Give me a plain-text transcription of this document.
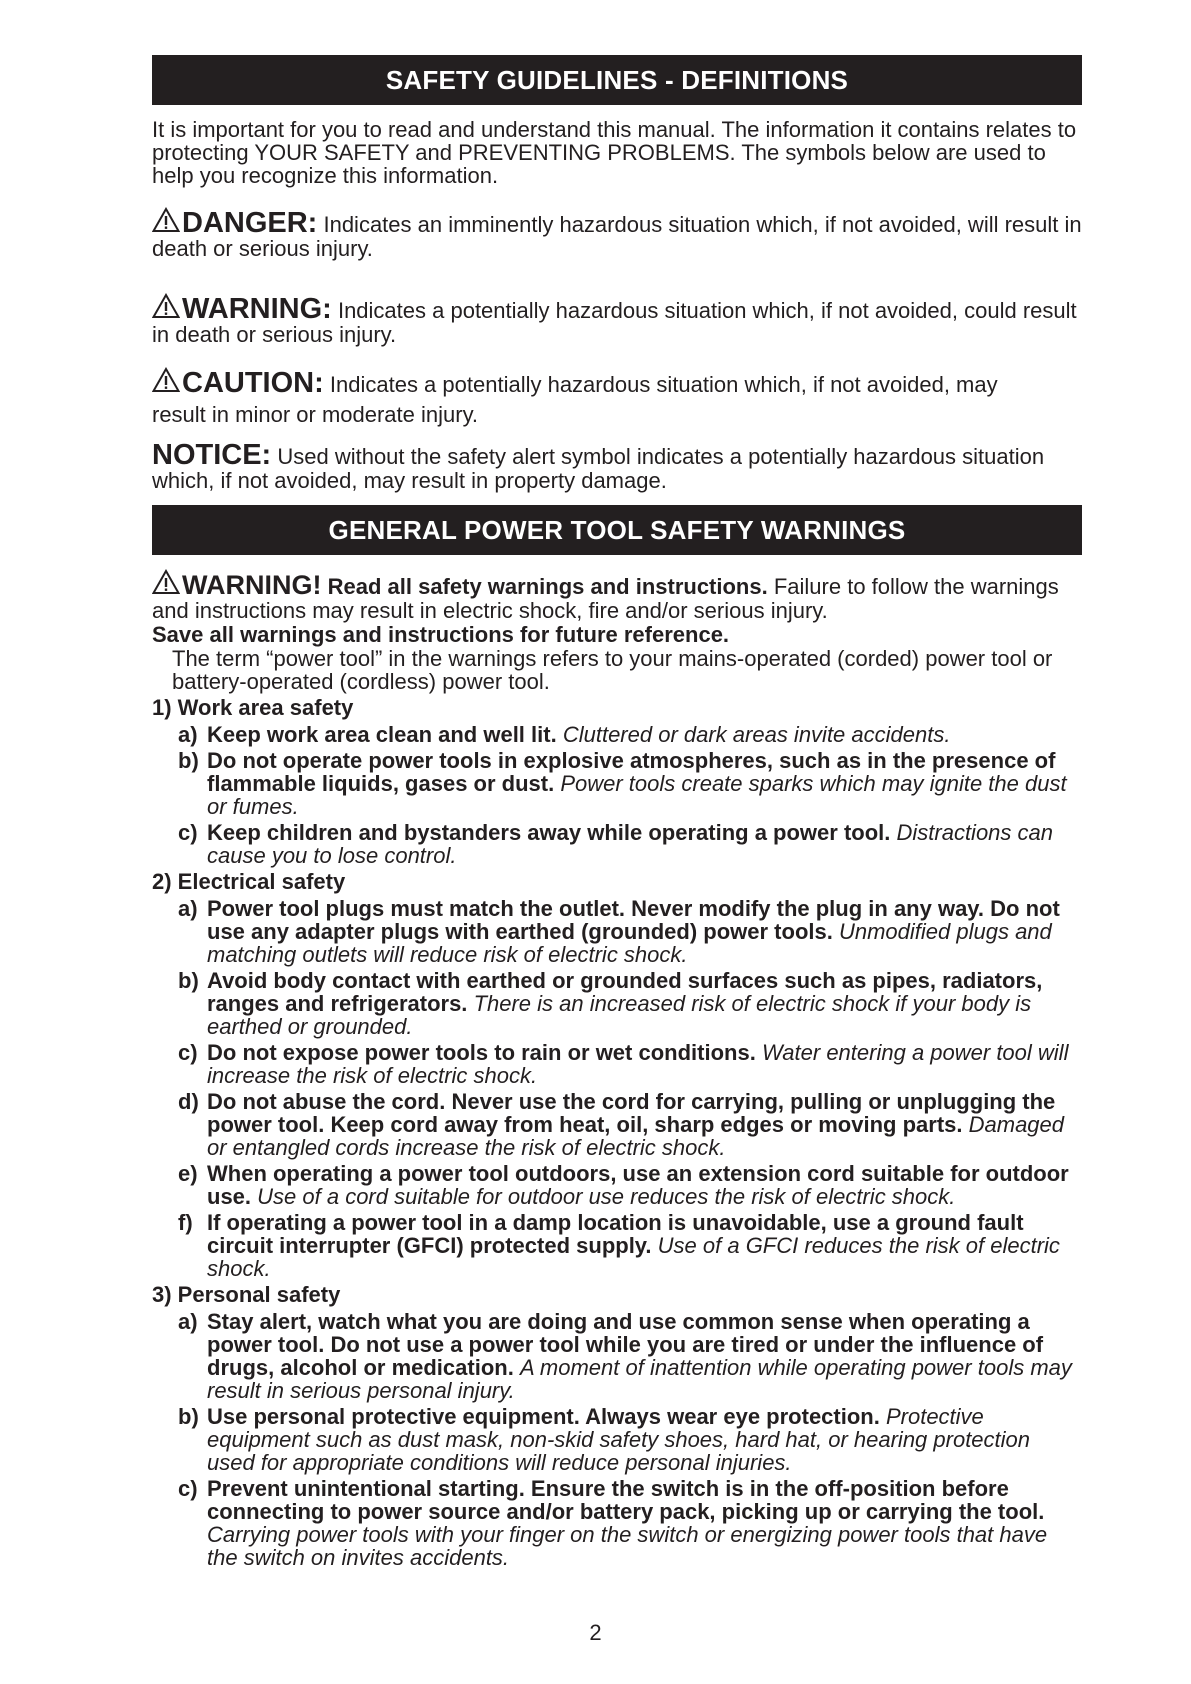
SAFETY GUIDELINES - DEFINITIONS

It is important for you to read and understand this manual. The information it contains relates to protecting YOUR SAFETY and PREVENTING PROBLEMS. The symbols below are used to help you recognize this information.

DANGER: Indicates an imminently hazardous situation which, if not avoided, will result in death or serious injury.

WARNING: Indicates a potentially hazardous situation which, if not avoided, could result in death or serious injury.

CAUTION: Indicates a potentially hazardous situation which, if not avoided, may
result in minor or moderate injury.

NOTICE: Used without the safety alert symbol indicates a potentially hazardous situation which, if not avoided, may result in property damage.

GENERAL POWER TOOL SAFETY WARNINGS

WARNING! Read all safety warnings and instructions. Failure to follow the warnings and instructions may result in electric shock, fire and/or serious injury.

Save all warnings and instructions for future reference.

The term “power tool” in the warnings refers to your mains-operated (corded) power tool or battery-operated (cordless) power tool.

1) Work area safety
a) Keep work area clean and well lit. Cluttered or dark areas invite accidents.
b) Do not operate power tools in explosive atmospheres, such as in the presence of flammable liquids, gases or dust. Power tools create sparks which may ignite the dust or fumes.
c) Keep children and bystanders away while operating a power tool. Distractions can cause you to lose control.
2) Electrical safety
a) Power tool plugs must match the outlet. Never modify the plug in any way. Do not use any adapter plugs with earthed (grounded) power tools. Unmodified plugs and matching outlets will reduce risk of electric shock.
b) Avoid body contact with earthed or grounded surfaces such as pipes, radiators, ranges and refrigerators. There is an increased risk of electric shock if your body is earthed or grounded.
c) Do not expose power tools to rain or wet conditions. Water entering a power tool will increase the risk of electric shock.
d) Do not abuse the cord. Never use the cord for carrying, pulling or unplugging the power tool. Keep cord away from heat, oil, sharp edges or moving parts. Damaged or entangled cords increase the risk of electric shock.
e) When operating a power tool outdoors, use an extension cord suitable for outdoor use. Use of a cord suitable for outdoor use reduces the risk of electric shock.
f) If operating a power tool in a damp location is unavoidable, use a ground fault circuit interrupter (GFCI) protected supply. Use of a GFCI reduces the risk of electric shock.
3) Personal safety
a) Stay alert, watch what you are doing and use common sense when operating a power tool. Do not use a power tool while you are tired or under the influence of drugs, alcohol or medication. A moment of inattention while operating power tools may result in serious personal injury.
b) Use personal protective equipment. Always wear eye protection. Protective equipment such as dust mask, non-skid safety shoes, hard hat, or hearing protection used for appropriate conditions will reduce personal injuries.
c) Prevent unintentional starting. Ensure the switch is in the off-position before connecting to power source and/or battery pack, picking up or carrying the tool. Carrying power tools with your finger on the switch or energizing power tools that have the switch on invites accidents.
2
